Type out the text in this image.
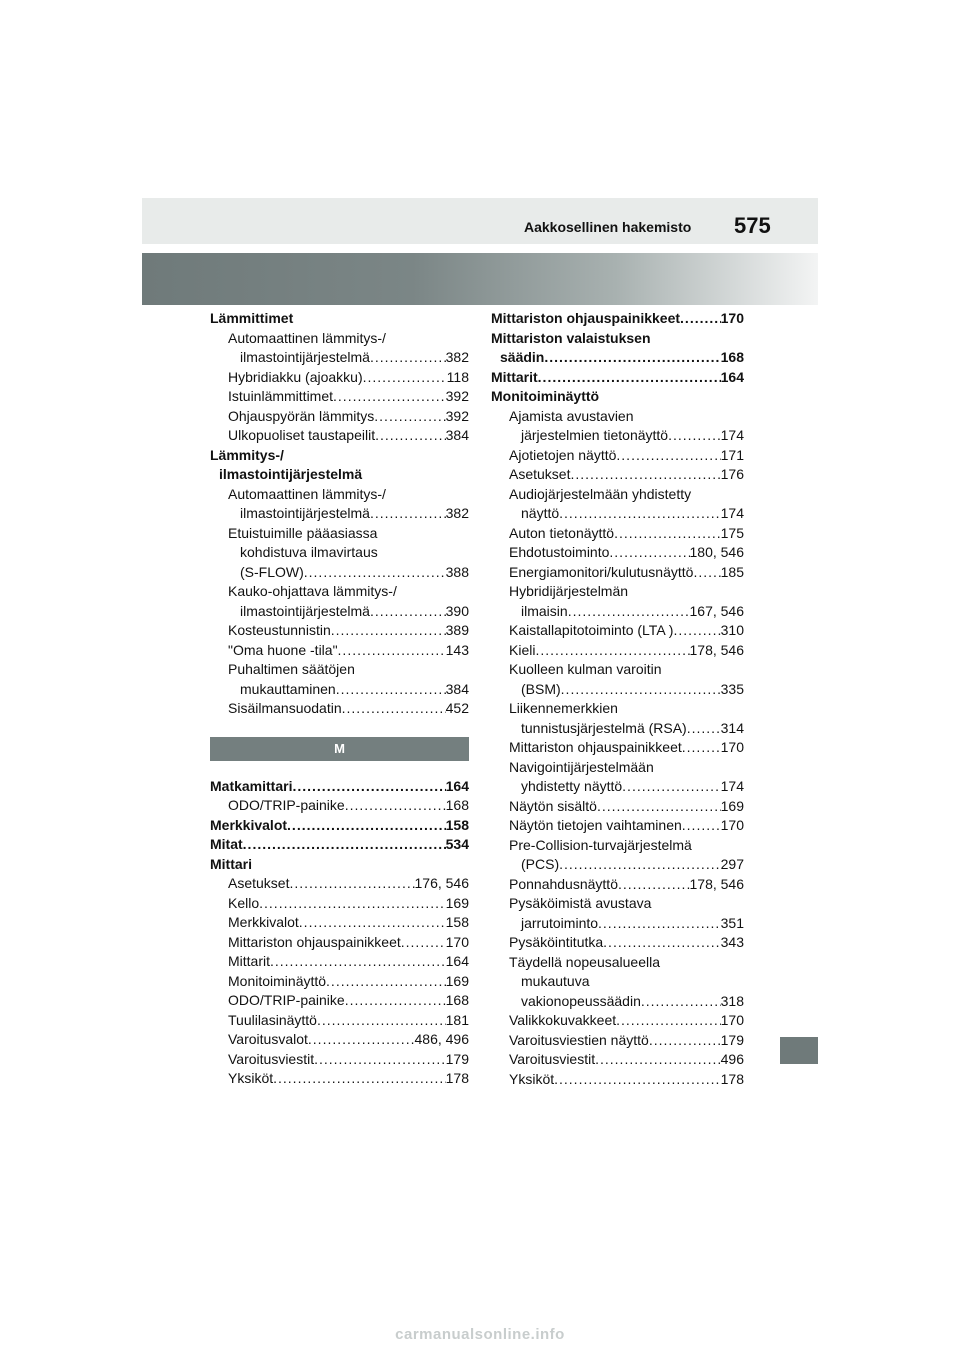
Aakkosellinen hakemisto 575
Lämmittimet
Automaattinen lämmitys-/
ilmastointijärjestelmä .....	382
Hybridiakku (ajoakku) .....	118
Istuinlämmittimet .....	392
Ohjauspyörän lämmitys .....	392
Ulkopuoliset taustapeilit .....	384
Lämmitys-/
ilmastointijärjestelmä
Automaattinen lämmitys-/
ilmastointijärjestelmä .....	382
Etuistuimille pääasiassa
kohdistuva ilmavirtaus
(S-FLOW) .....	388
Kauko-ohjattava lämmitys-/
ilmastointijärjestelmä .....	390
Kosteustunnistin .....	389
"Oma huone -tila" .....	143
Puhaltimen säätöjen
mukauttaminen .....	384
Sisäilmansuodatin .....	452
M
Matkamittari .....	164
ODO/TRIP-painike .....	168
Merkkivalot .....	158
Mitat .....	534
Mittari
Asetukset .....	176, 546
Kello .....	169
Merkkivalot .....	158
Mittariston ohjauspainikkeet .....	170
Mittarit .....	164
Monitoiminäyttö .....	169
ODO/TRIP-painike .....	168
Tuulilasinäyttö .....	181
Varoitusvalot .....	486, 496
Varoitusviestit .....	179
Yksiköt .....	178
Mittariston ohjauspainikkeet .....	170
Mittariston valaistuksen
säädin .....	168
Mittarit .....	164
Monitoiminäyttö
Ajamista avustavien
järjestelmien tietonäyttö .....	174
Ajotietojen näyttö .....	171
Asetukset .....	176
Audiojärjestelmään yhdistetty
näyttö .....	174
Auton tietonäyttö .....	175
Ehdotustoiminto .....	180, 546
Energiamonitori/kulutusnäyttö ..... 185
Hybridijärjestelmän
ilmaisin .....	167, 546
Kaistallapitotoiminto (LTA ) .....	310
Kieli .....	178, 546
Kuolleen kulman varoitin
(BSM) .....	335
Liikennemerkkien
tunnistusjärjestelmä (RSA) ..... 314
Mittariston ohjauspainikkeet .....	170
Navigointijärjestelmään
yhdistetty näyttö .....	174
Näytön sisältö .....	169
Näytön tietojen vaihtaminen .....	170
Pre-Collision-turvajärjestelmä
(PCS) .....	297
Ponnahdusnäyttö .....	178, 546
Pysäköimistä avustava
jarrutoiminto .....	351
Pysäköintitutka .....	343
Täydellä nopeusalueella
mukautuva
vakionopeussäädin .....	318
Valikkokuvakkeet .....	170
Varoitusviestien näyttö .....	179
Varoitusviestit .....	496
Yksiköt .....	178
carmanualsonline.info
